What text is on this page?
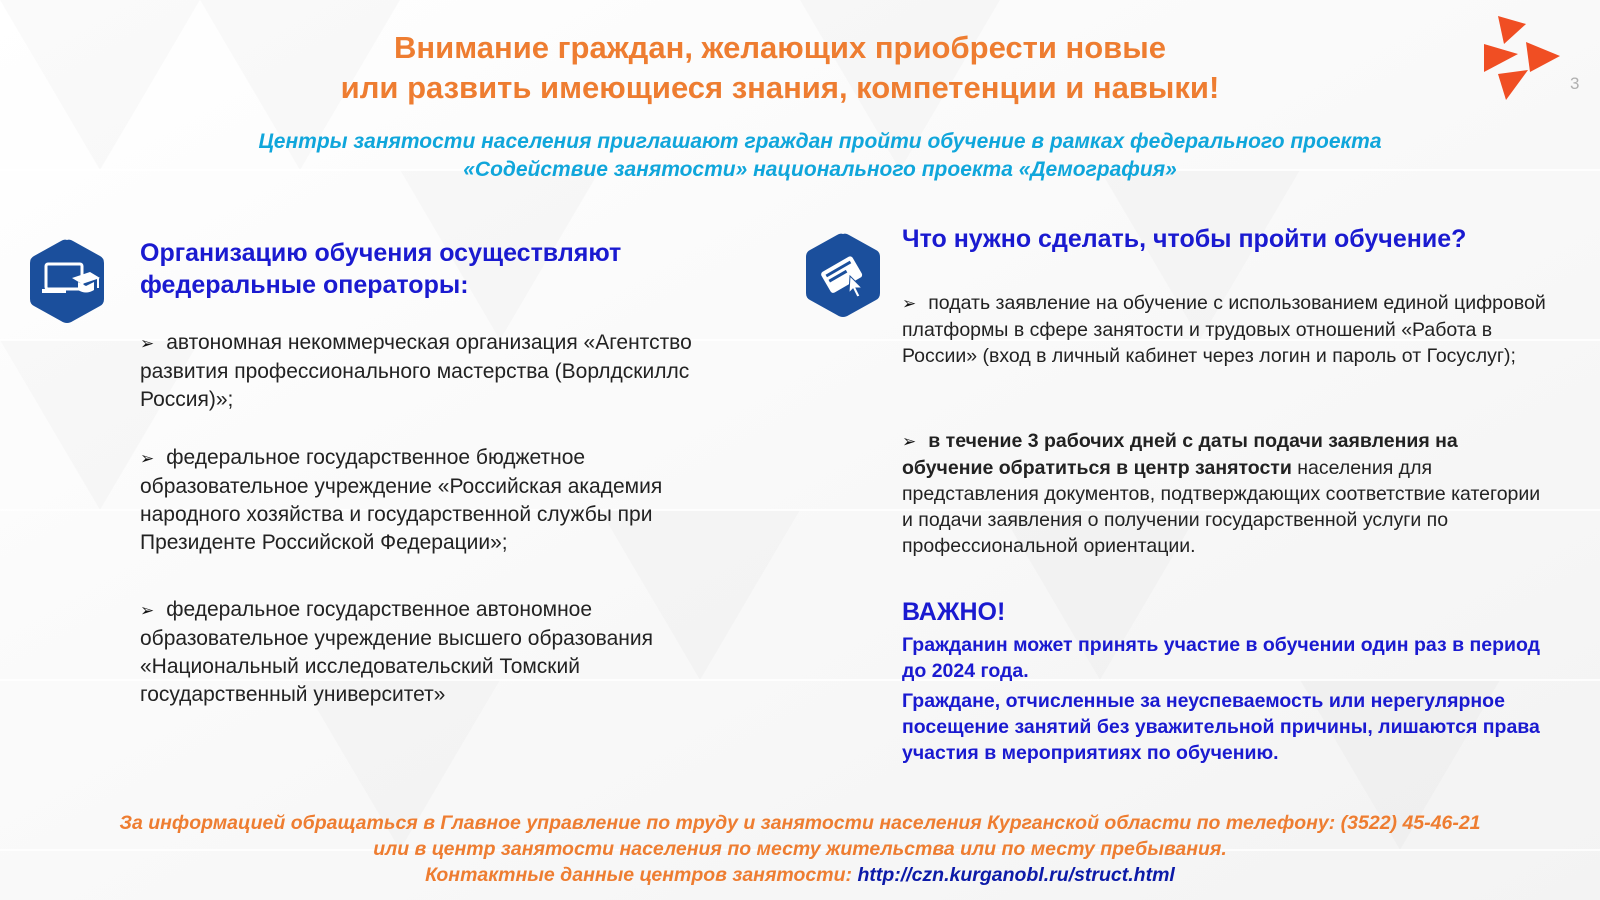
3
Внимание граждан, желающих приобрести новые
или развить имеющиеся знания, компетенции и навыки!
Центры занятости населения приглашают граждан пройти обучение в рамках федерального проекта
«Содействие занятости» национального проекта «Демография»
Организацию обучения осуществляют федеральные операторы:
➢ автономная некоммерческая организация «Агентство развития профессионального мастерства (Ворлдскиллс Россия)»;
➢ федеральное государственное бюджетное образовательное учреждение «Российская академия народного хозяйства и государственной службы при Президенте Российской Федерации»;
➢ федеральное государственное автономное образовательное учреждение высшего образования «Национальный исследовательский Томский государственный университет»
Что нужно сделать, чтобы пройти обучение?
➢ подать заявление на обучение с использованием единой цифровой платформы в сфере занятости и трудовых отношений «Работа в России» (вход в личный кабинет через логин и пароль от Госуслуг);
➢ в течение 3 рабочих дней с даты подачи заявления на обучение обратиться в центр занятости населения для представления документов, подтверждающих соответствие категории и подачи заявления о получении государственной услуги по профессиональной ориентации.
ВАЖНО!
Гражданин может принять участие в обучении один раз в период до 2024 года.
Граждане, отчисленные за неуспеваемость или нерегулярное посещение занятий без уважительной причины, лишаются права участия в мероприятиях по обучению.
За информацией обращаться в Главное управление по труду и занятости населения Курганской области по телефону: (3522) 45-46-21
или в центр занятости населения по месту жительства или по месту пребывания.
Контактные данные центров занятости: http://czn.kurganobl.ru/struct.html
